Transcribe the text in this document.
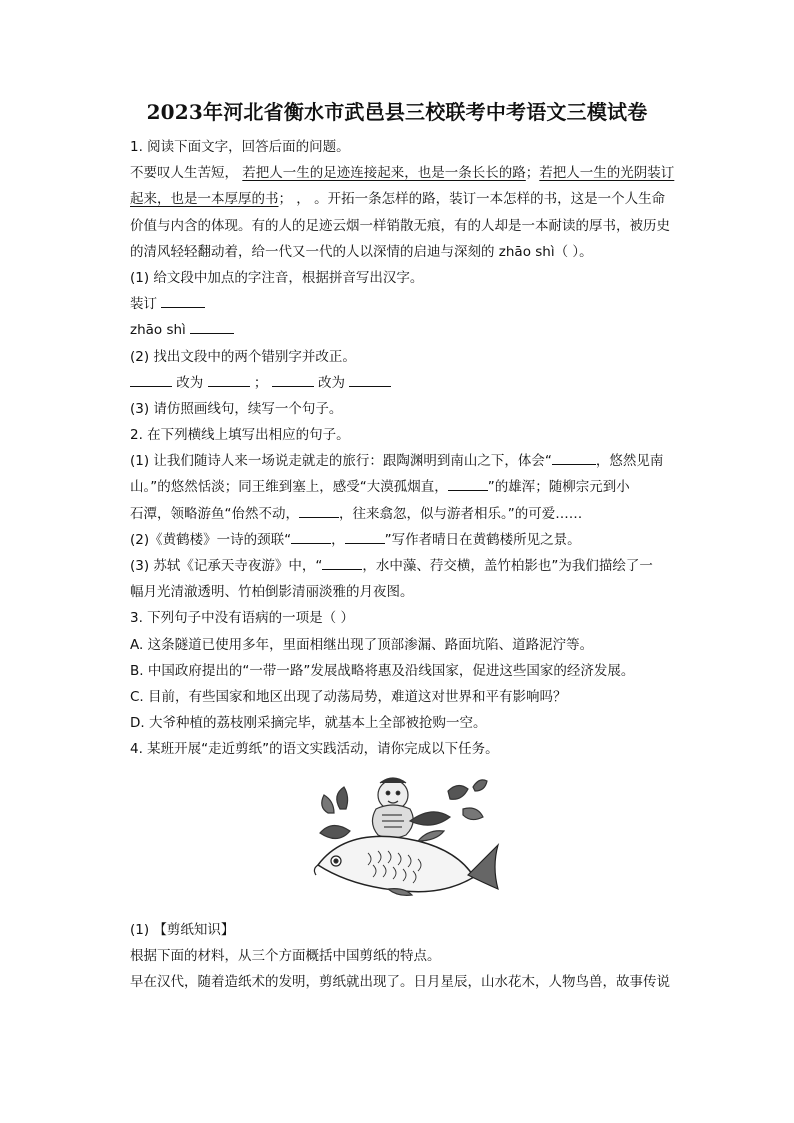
2023年河北省衡水市武邑县三校联考中考语文三模试卷
1. 阅读下面文字，回答后面的问题。
不要叹人生苦短， 若把人一生的足迹连接起来，也是一条长长的路；若把人一生的光阴装订
起来，也是一本厚厚的书； ， 。开拓一条怎样的路，装订一本怎样的书，这是一个人生命
价值与内含的体现。有的人的足迹云烟一样销散无痕，有的人却是一本耐读的厚书，被历史
的清风轻轻翻动着，给一代又一代的人以深情的启迪与深刻的 zhāo shì（ ）。
(1) 给文段中加点的字注音，根据拼音写出汉字。
装订
zhāo shì
(2) 找出文段中的两个错别字并改正。
改为	；	改为
(3) 请仿照画线句，续写一个句子。
2. 在下列横线上填写出相应的句子。
(1) 让我们随诗人来一场说走就走的旅行：跟陶渊明到南山之下，体会“	，悠然见南
山。”的悠然恬淡；同王维到塞上，感受“大漠孤烟直，	”的雄浑；随柳宗元到小
石潭，领略游鱼“佁然不动，	，往来翕忽，似与游者相乐。”的可爱……
(2)《黄鹤楼》一诗的颈联“	，	”写作者晴日在黄鹤楼所见之景。
(3) 苏轼《记承天寺夜游》中，“	，水中藻、荇交横，盖竹柏影也”为我们描绘了一
幅月光清澈透明、竹柏倒影清丽淡雅的月夜图。
3. 下列句子中没有语病的一项是（ ）
A. 这条隧道已使用多年，里面相继出现了顶部渗漏、路面坑陷、道路泥泞等。
B. 中国政府提出的“一带一路”发展战略将惠及沿线国家，促进这些国家的经济发展。
C. 目前，有些国家和地区出现了动荡局势，难道这对世界和平有影响吗？
D. 大爷种植的荔枝刚采摘完毕，就基本上全部被抢购一空。
4. 某班开展“走近剪纸”的语文实践活动，请你完成以下任务。
(1) 【剪纸知识】
根据下面的材料，从三个方面概括中国剪纸的特点。
早在汉代，随着造纸术的发明，剪纸就出现了。日月星辰，山水花木，人物鸟兽，故事传说
